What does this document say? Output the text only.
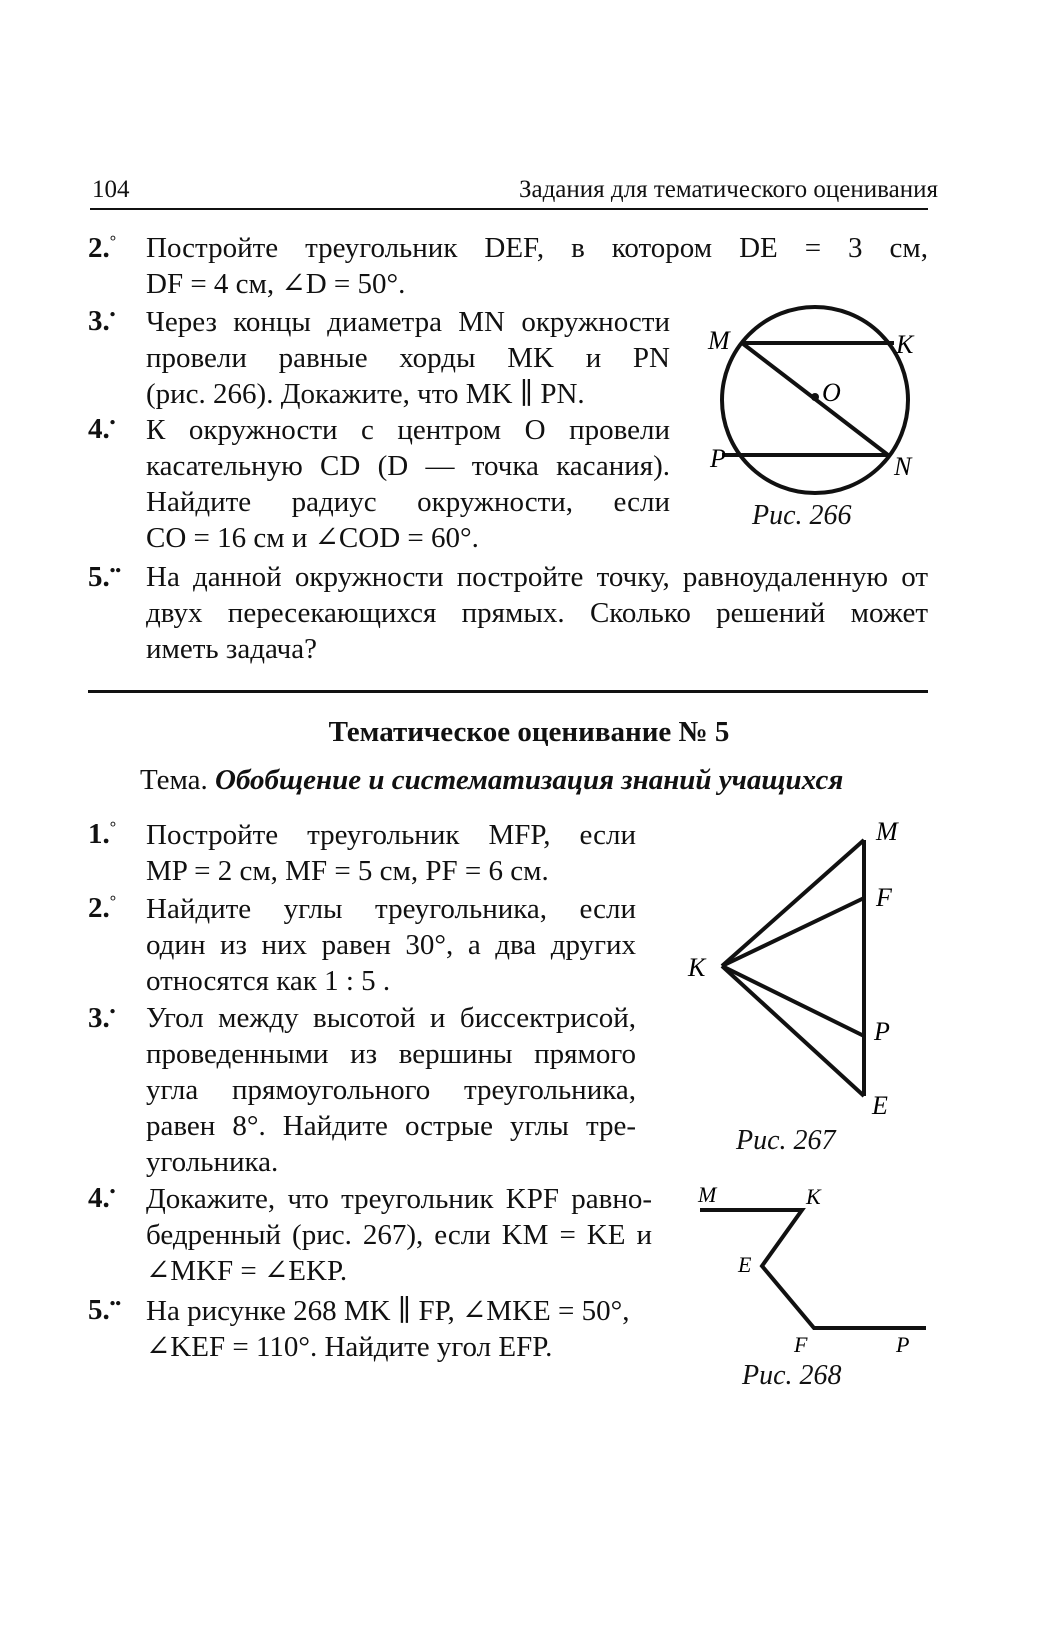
104	Задания для тематического оценивания
2.° Постройте треугольник DEF, в котором DE = 3 см,
DF = 4 см, ∠D = 50°.
3.• Через концы диаметра MN окружности
провели равные хорды MK и PN
(рис. 266). Докажите, что MK ∥ PN.
4.• К окружности с центром O провели
касательную CD (D — точка касания).
Найдите радиус окружности, если
CO = 16 см и ∠COD = 60°.
5.•• На данной окружности постройте точку, равноудаленную от
двух пересекающихся прямых. Сколько решений может
иметь задача?
M	K
O
P	N
Рис. 266
Тематическое оценивание № 5
Тема. Обобщение и систематизация знаний учащихся
1.° Постройте треугольник MFP, если
MP = 2 см, MF = 5 см, PF = 6 см.
2.° Найдите углы треугольника, если
один из них равен 30°, а два других
относятся как 1 : 5 .
3.• Угол между высотой и биссектрисой,
проведенными из вершины прямого
угла прямоугольного треугольника,
равен 8°. Найдите острые углы тре-
угольника.
4.• Докажите, что треугольник KPF равно-
бедренный (рис. 267), если KM = KE и
∠MKF = ∠EKP.
5.•• На рисунке 268 MK ∥ FP, ∠MKE = 50°,
∠KEF = 110°. Найдите угол EFP.
M
F
K
P
E
Рис. 267
M	K
E
F	P
Рис. 268
